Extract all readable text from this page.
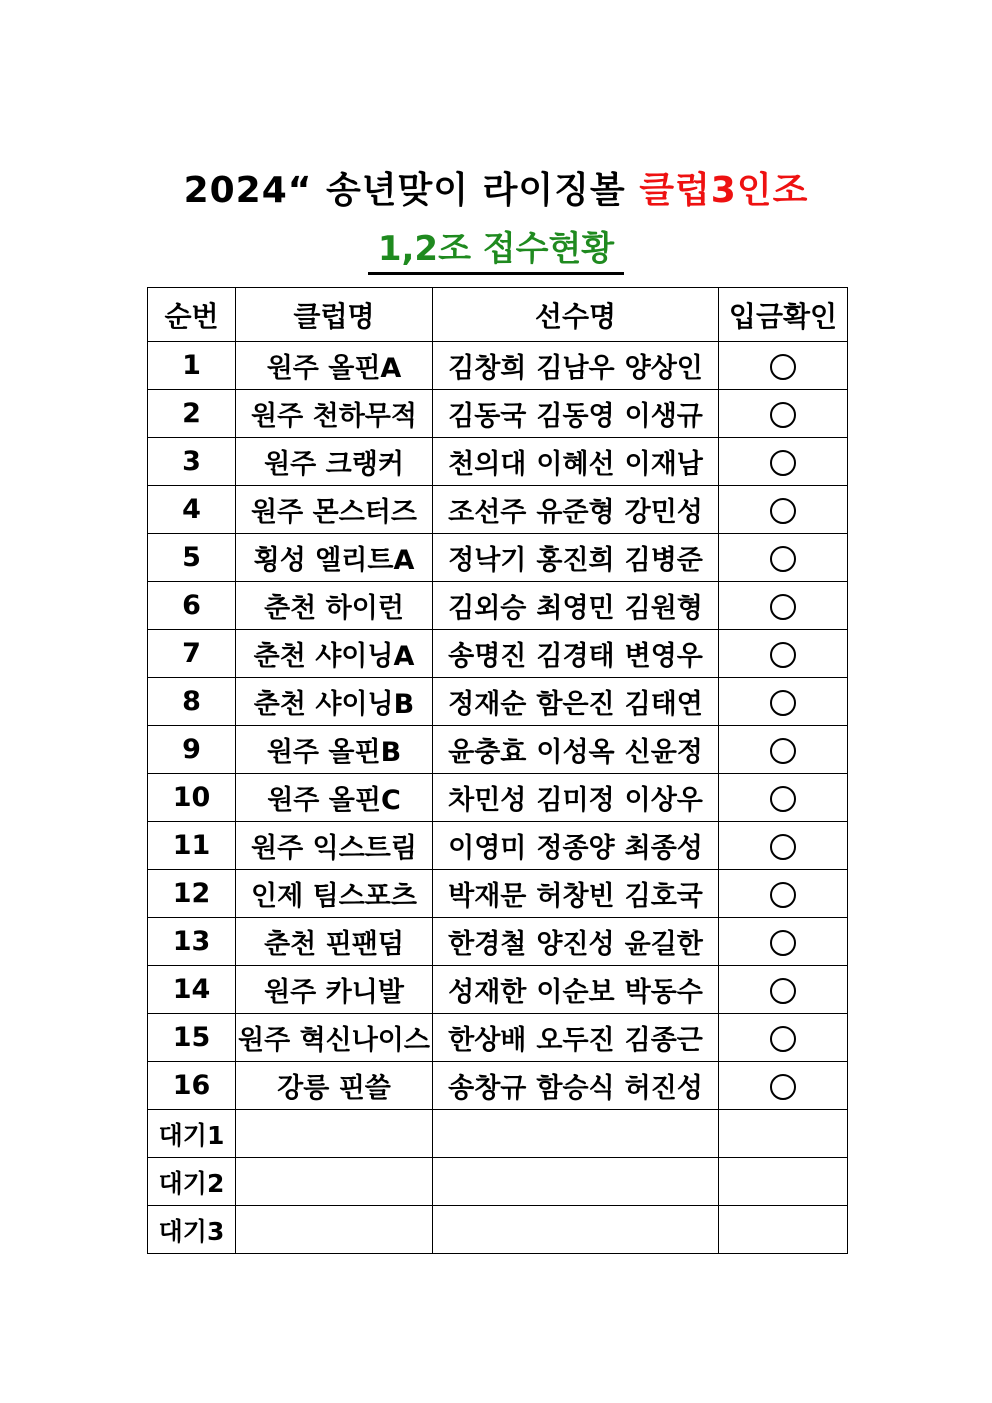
2024“ 송년맞이 라이징볼 클럽3인조
1,2조 접수현황
순번	클럽명	선수명	입금확인
1	원주 올핀A	김창희 김남우 양상인	
2	원주 천하무적	김동국 김동영 이생규	
3	원주 크랭커	천의대 이혜선 이재남	
4	원주 몬스터즈	조선주 유준형 강민성	
5	횡성 엘리트A	정낙기 홍진희 김병준	
6	춘천 하이런	김외승 최영민 김원형	
7	춘천 샤이닝A	송명진 김경태 변영우	
8	춘천 샤이닝B	정재순 함은진 김태연	
9	원주 올핀B	윤충효 이성옥 신윤정	
10	원주 올핀C	차민성 김미정 이상우	
11	원주 익스트림	이영미 정종양 최종성	
12	인제 팀스포츠	박재문 허창빈 김호국	
13	춘천 핀팬덤	한경철 양진성 윤길한	
14	원주 카니발	성재한 이순보 박동수	
15	원주 혁신나이스	한상배 오두진 김종근	
16	강릉 핀쓸	송창규 함승식 허진성	
대기1			
대기2			
대기3			
